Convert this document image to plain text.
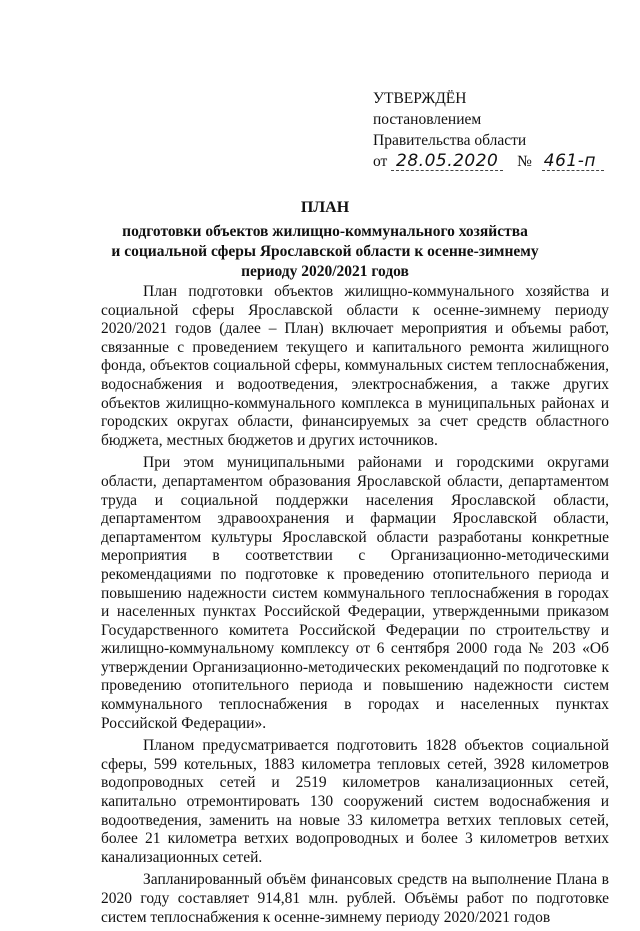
УТВЕРЖДЁН
постановлением
Правительства области
от 28.05.2020 № 461-п
ПЛАН
подготовки объектов жилищно-коммунального хозяйства
и социальной сферы Ярославской области к осенне-зимнему
периоду 2020/2021 годов

План подготовки объектов жилищно-коммунального хозяйства и социальной сферы Ярославской области к осенне-зимнему периоду 2020/2021 годов (далее – План) включает мероприятия и объемы работ, связанные с проведением текущего и капитального ремонта жилищного фонда, объектов социальной сферы, коммунальных систем теплоснабжения, водоснабжения и водоотведения, электроснабжения, а также других объектов жилищно-коммунального комплекса в муниципальных районах и городских округах области, финансируемых за счет средств областного бюджета, местных бюджетов и других источников.

При этом муниципальными районами и городскими округами области, департаментом образования Ярославской области, департаментом труда и социальной поддержки населения Ярославской области, департаментом здравоохранения и фармации Ярославской области, департаментом культуры Ярославской области разработаны конкретные мероприятия в соответствии с Организационно-методическими рекомендациями по подготовке к проведению отопительного периода и повышению надежности систем коммунального теплоснабжения в городах и населенных пунктах Российской Федерации, утвержденными приказом Государственного комитета Российской Федерации по строительству и жилищно-коммунальному комплексу от 6 сентября 2000 года № 203 «Об утверждении Организационно-методических рекомендаций по подготовке к проведению отопительного периода и повышению надежности систем коммунального теплоснабжения в городах и населенных пунктах Российской Федерации».

Планом предусматривается подготовить 1828 объектов социальной сферы, 599 котельных, 1883 километра тепловых сетей, 3928 километров водопроводных сетей и 2519 километров канализационных сетей, капитально отремонтировать 130 сооружений систем водоснабжения и водоотведения, заменить на новые 33 километра ветхих тепловых сетей, более 21 километра ветхих водопроводных и более 3 километров ветхих канализационных сетей.

Запланированный объём финансовых средств на выполнение Плана в 2020 году составляет 914,81 млн. рублей. Объёмы работ по подготовке систем теплоснабжения к осенне-зимнему периоду 2020/2021 годов
